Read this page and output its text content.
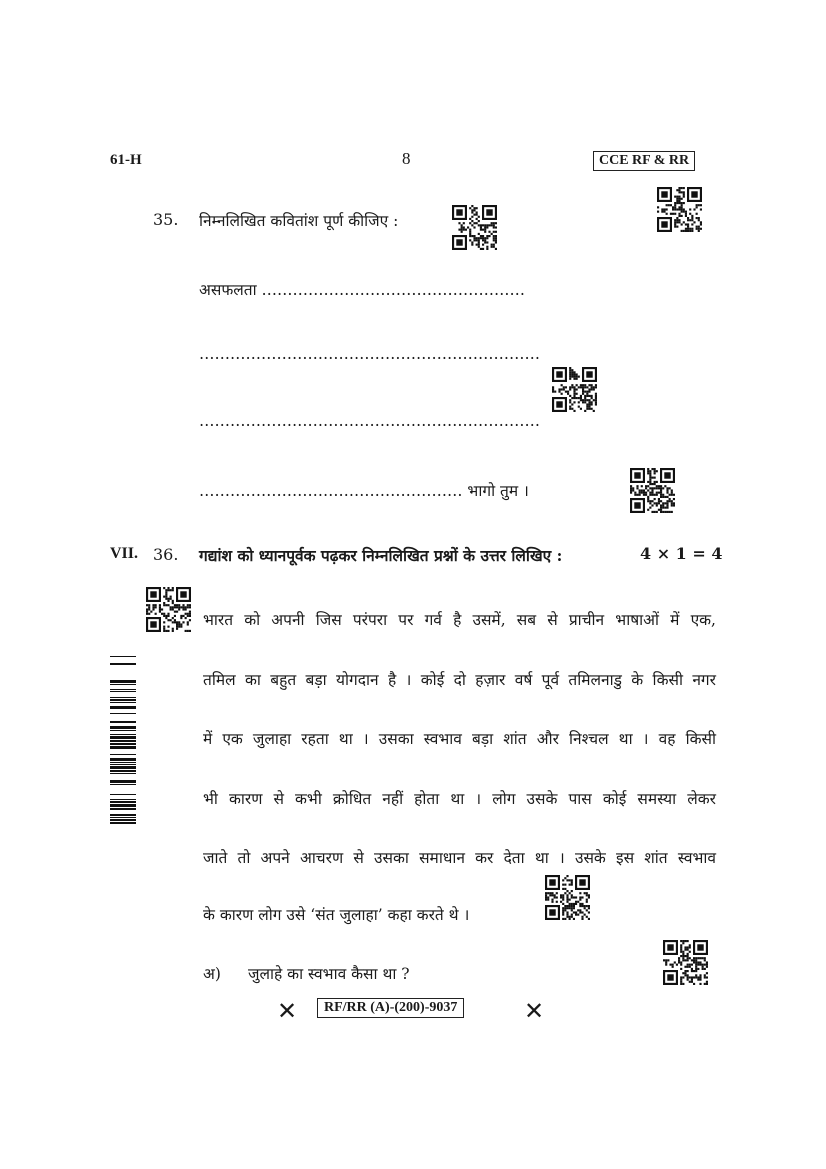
61-H	8	CCE RF & RR
35. निम्नलिखित कवितांश पूर्ण कीजिए :
असफलता ……………………………………………
…………………………………………………………
…………………………………………………………
…………………………………………… भागो तुम ।
VII. 36. गद्यांश को ध्यानपूर्वक पढ़कर निम्नलिखित प्रश्नों के उत्तर लिखिए :	4 × 1 = 4
भारत को अपनी जिस परंपरा पर गर्व है उसमें, सब से प्राचीन भाषाओं में एक,
तमिल का बहुत बड़ा योगदान है । कोई दो हज़ार वर्ष पूर्व तमिलनाडु के किसी नगर
में एक जुलाहा रहता था । उसका स्वभाव बड़ा शांत और निश्चल था । वह किसी
भी कारण से कभी क्रोधित नहीं होता था । लोग उसके पास कोई समस्या लेकर
जाते तो अपने आचरण से उसका समाधान कर देता था । उसके इस शांत स्वभाव
के कारण लोग उसे ‘संत जुलाहा’ कहा करते थे ।
अ) जुलाहे का स्वभाव कैसा था ?
✕	RF/RR (A)-(200)-9037	✕
